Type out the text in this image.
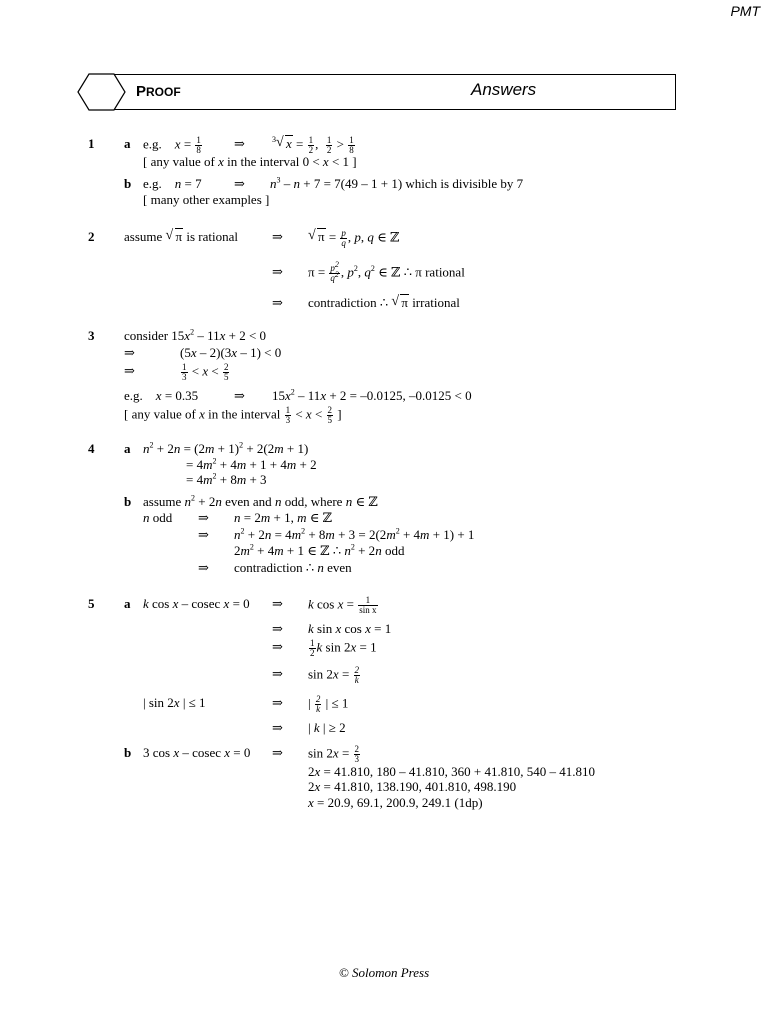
PMT
PROOF	Answers
1 a e.g. $x = \frac{1}{8}$ ⇒	3 √ $x = \frac{1}{2}$ , $\frac{1}{2} > \frac{1}{8}$
[ any value of x in the interval 0 < x < 1 ]
b e.g. n = 7 ⇒ $n^3 - n + 7 = 7(49 - 1 + 1)$ which is divisible by 7
[ many other examples ]
2 assume √ π is rational	⇒ √ $\pi = \frac{p}{q}$ , p, q ∈ ℤ
⇒ $\pi = \frac{p2}{q2}$ , $p^2$, $q^2$ ∈ ℤ ∴ π rational
⇒ contradiction ∴ √ π irrational
3 consider $15x^2 - 11x + 2 < 0$
⇒	(5x – 2)(3x – 1) < 0
⇒	$\frac{1}{3} < x < \frac{2}{5}$
e.g. x = 0.35	⇒ $15x^2 - 11x + 2 = -0.0125$, –0.0125 < 0
[ any value of x in the interval $\frac{1}{3} < x < \frac{2}{5}$ ]
4 a $n^2 + 2n = (2m + 1)^2 + 2(2m + 1)$
= $4m^2 + 4m + 1 + 4m + 2$
= $4m^2 + 8m + 3$
b assume $n^2 + 2n$ even and n odd, where n ∈ ℤ
n odd ⇒ n = 2m + 1, m ∈ ℤ
⇒ $n^2 + 2n = 4m^2 + 8m + 3 = 2(2m^2 + 4m + 1) + 1$
$2m^2 + 4m + 1$ ∈ ℤ ∴ $n^2 + 2n$ odd
⇒ contradiction ∴ n even
5 a k cos x – cosec x = 0 ⇒ k $\cos x = \frac{1}{\text{sin x}}$
⇒ k sin x cos x = 1
⇒	$\frac{1}{2}$ k sin 2x = 1
⇒ $\sin 2x = \frac{2}{k}$
| sin 2x | ≤ 1	⇒ | $\frac{2}{k}$ | ≤ 1
⇒ | k | ≥ 2
b 3 cos x – cosec x = 0 ⇒ $\sin 2x = \frac{2}{3}$
2x = 41.810, 180 – 41.810, 360 + 41.810, 540 – 41.810
2x = 41.810, 138.190, 401.810, 498.190
x = 20.9, 69.1, 200.9, 249.1 (1dp)
© Solomon Press
